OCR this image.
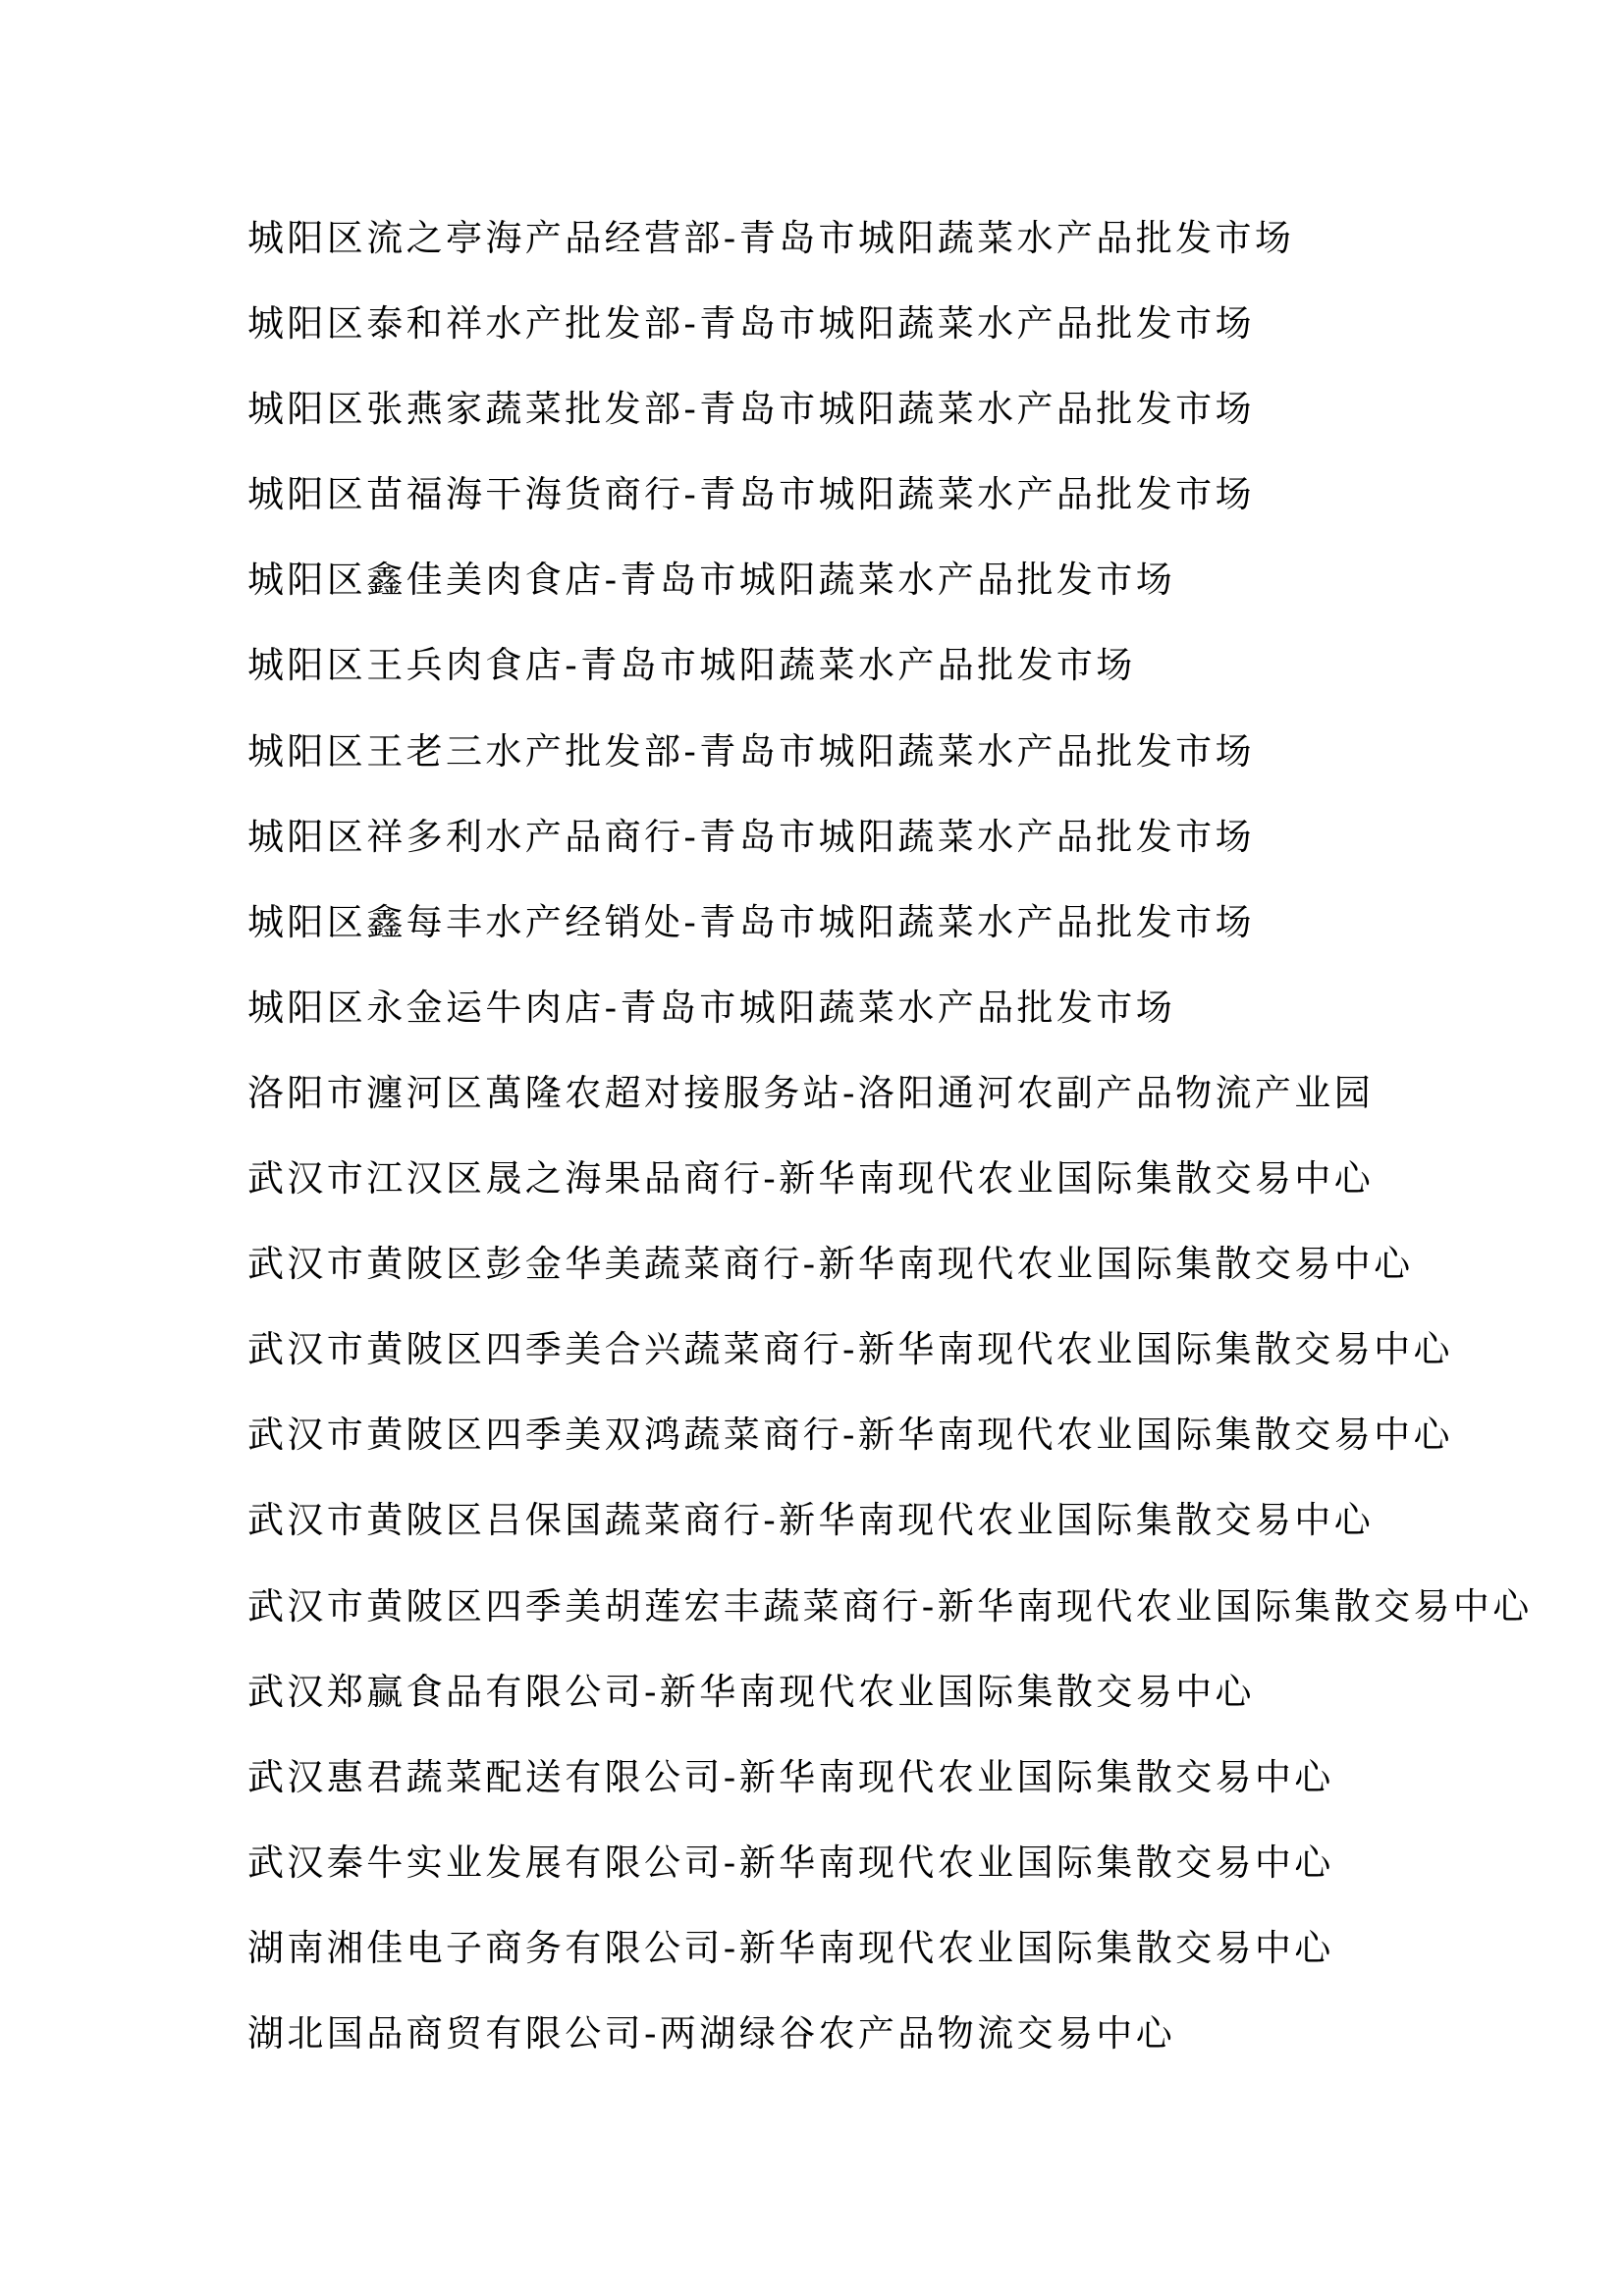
城阳区流之亭海产品经营部-青岛市城阳蔬菜水产品批发市场
城阳区泰和祥水产批发部-青岛市城阳蔬菜水产品批发市场
城阳区张燕家蔬菜批发部-青岛市城阳蔬菜水产品批发市场
城阳区苗福海干海货商行-青岛市城阳蔬菜水产品批发市场
城阳区鑫佳美肉食店-青岛市城阳蔬菜水产品批发市场
城阳区王兵肉食店-青岛市城阳蔬菜水产品批发市场
城阳区王老三水产批发部-青岛市城阳蔬菜水产品批发市场
城阳区祥多利水产品商行-青岛市城阳蔬菜水产品批发市场
城阳区鑫每丰水产经销处-青岛市城阳蔬菜水产品批发市场
城阳区永金运牛肉店-青岛市城阳蔬菜水产品批发市场
洛阳市瀍河区萬隆农超对接服务站-洛阳通河农副产品物流产业园
武汉市江汉区晟之海果品商行-新华南现代农业国际集散交易中心
武汉市黄陂区彭金华美蔬菜商行-新华南现代农业国际集散交易中心
武汉市黄陂区四季美合兴蔬菜商行-新华南现代农业国际集散交易中心
武汉市黄陂区四季美双鸿蔬菜商行-新华南现代农业国际集散交易中心
武汉市黄陂区吕保国蔬菜商行-新华南现代农业国际集散交易中心
武汉市黄陂区四季美胡莲宏丰蔬菜商行-新华南现代农业国际集散交易中心
武汉郑赢食品有限公司-新华南现代农业国际集散交易中心
武汉惠君蔬菜配送有限公司-新华南现代农业国际集散交易中心
武汉秦牛实业发展有限公司-新华南现代农业国际集散交易中心
湖南湘佳电子商务有限公司-新华南现代农业国际集散交易中心
湖北国品商贸有限公司-两湖绿谷农产品物流交易中心
